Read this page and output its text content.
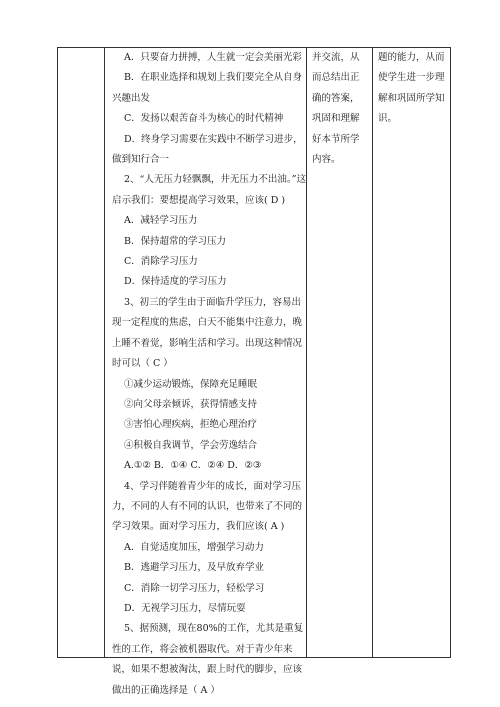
A．只要奋力拼搏，人生就一定会美丽光彩

B．在职业选择和规划上我们要完全从自身兴趣出发

C．发扬以艰苦奋斗为核心的时代精神

D．终身学习需要在实践中不断学习进步，做到知行合一

2、“人无压力轻飘飘，井无压力不出油。”这启示我们：要想提高学习效果，应该( D )

A．减轻学习压力

B．保持超常的学习压力

C．消除学习压力

D．保持适度的学习压力

3、初三的学生由于面临升学压力，容易出现一定程度的焦虑，白天不能集中注意力，晚上睡不着觉，影响生活和学习。出现这种情况时可以（ C ）

①减少运动锻炼，保障充足睡眠

②向父母亲倾诉，获得情感支持

③害怕心理疾病，拒绝心理治疗

④积极自我调节，学会劳逸结合

A.①② B．①④ C．②④ D．②③

4、学习伴随着青少年的成长，面对学习压力，不同的人有不同的认识，也带来了不同的学习效果。面对学习压力，我们应该( A )

A．自觉适度加压，增强学习动力

B．逃避学习压力，及早放弃学业

C．消除一切学习压力，轻松学习

D．无视学习压力，尽情玩耍

5、据预测，现在80%的工作，尤其是重复性的工作，将会被机器取代。对于青少年来说，如果不想被淘汰，跟上时代的脚步，应该做出的正确选择是（ A ）

并交流，从而总结出正确的答案，巩固和理解好本节所学内容。

题的能力，从而使学生进一步理解和巩固所学知识。
